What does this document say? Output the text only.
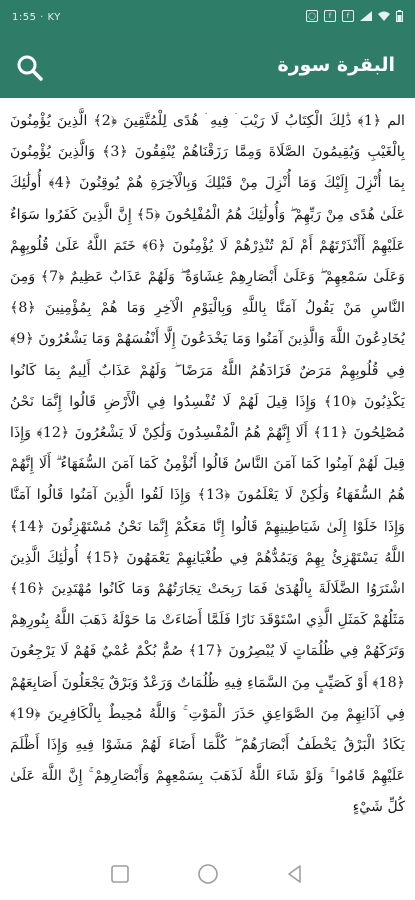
1:55 · KY	◯	f	f
البقرة سورة
الم ﴿1﴾ ذَٰلِكَ الْكِتَابُ لَا رَيْبَ ۛ فِيهِ ۛ هُدًى لِلْمُتَّقِينَ ﴿2﴾ الَّذِينَ يُؤْمِنُونَ بِالْغَيْبِ وَيُقِيمُونَ الصَّلَاةَ وَمِمَّا رَزَقْنَاهُمْ يُنْفِقُونَ ﴿3﴾ وَالَّذِينَ يُؤْمِنُونَ بِمَا أُنْزِلَ إِلَيْكَ وَمَا أُنْزِلَ مِنْ قَبْلِكَ وَبِالْآخِرَةِ هُمْ يُوقِنُونَ ﴿4﴾ أُولَٰئِكَ عَلَىٰ هُدًى مِنْ رَبِّهِمْ ۖ وَأُولَٰئِكَ هُمُ الْمُفْلِحُونَ ﴿5﴾ إِنَّ الَّذِينَ كَفَرُوا سَوَاءٌ عَلَيْهِمْ أَأَنْذَرْتَهُمْ أَمْ لَمْ تُنْذِرْهُمْ لَا يُؤْمِنُونَ ﴿6﴾ خَتَمَ اللَّهُ عَلَىٰ قُلُوبِهِمْ وَعَلَىٰ سَمْعِهِمْ ۖ وَعَلَىٰ أَبْصَارِهِمْ غِشَاوَةٌ ۖ وَلَهُمْ عَذَابٌ عَظِيمٌ ﴿7﴾ وَمِنَ النَّاسِ مَنْ يَقُولُ آمَنَّا بِاللَّهِ وَبِالْيَوْمِ الْآخِرِ وَمَا هُمْ بِمُؤْمِنِينَ ﴿8﴾ يُخَادِعُونَ اللَّهَ وَالَّذِينَ آمَنُوا وَمَا يَخْدَعُونَ إِلَّا أَنْفُسَهُمْ وَمَا يَشْعُرُونَ ﴿9﴾ فِي قُلُوبِهِمْ مَرَضٌ فَزَادَهُمُ اللَّهُ مَرَضًا ۖ وَلَهُمْ عَذَابٌ أَلِيمٌ بِمَا كَانُوا يَكْذِبُونَ ﴿10﴾ وَإِذَا قِيلَ لَهُمْ لَا تُفْسِدُوا فِي الْأَرْضِ قَالُوا إِنَّمَا نَحْنُ مُصْلِحُونَ ﴿11﴾ أَلَا إِنَّهُمْ هُمُ الْمُفْسِدُونَ وَلَٰكِنْ لَا يَشْعُرُونَ ﴿12﴾ وَإِذَا قِيلَ لَهُمْ آمِنُوا كَمَا آمَنَ النَّاسُ قَالُوا أَنُؤْمِنُ كَمَا آمَنَ السُّفَهَاءُ ۗ أَلَا إِنَّهُمْ هُمُ السُّفَهَاءُ وَلَٰكِنْ لَا يَعْلَمُونَ ﴿13﴾ وَإِذَا لَقُوا الَّذِينَ آمَنُوا قَالُوا آمَنَّا وَإِذَا خَلَوْا إِلَىٰ شَيَاطِينِهِمْ قَالُوا إِنَّا مَعَكُمْ إِنَّمَا نَحْنُ مُسْتَهْزِئُونَ ﴿14﴾ اللَّهُ يَسْتَهْزِئُ بِهِمْ وَيَمُدُّهُمْ فِي طُغْيَانِهِمْ يَعْمَهُونَ ﴿15﴾ أُولَٰئِكَ الَّذِينَ اشْتَرَوُا الضَّلَالَةَ بِالْهُدَىٰ فَمَا رَبِحَتْ تِجَارَتُهُمْ وَمَا كَانُوا مُهْتَدِينَ ﴿16﴾ مَثَلُهُمْ كَمَثَلِ الَّذِي اسْتَوْقَدَ نَارًا فَلَمَّا أَضَاءَتْ مَا حَوْلَهُ ذَهَبَ اللَّهُ بِنُورِهِمْ وَتَرَكَهُمْ فِي ظُلُمَاتٍ لَا يُبْصِرُونَ ﴿17﴾ صُمٌّ بُكْمٌ عُمْيٌ فَهُمْ لَا يَرْجِعُونَ ﴿18﴾ أَوْ كَصَيِّبٍ مِنَ السَّمَاءِ فِيهِ ظُلُمَاتٌ وَرَعْدٌ وَبَرْقٌ يَجْعَلُونَ أَصَابِعَهُمْ فِي آذَانِهِمْ مِنَ الصَّوَاعِقِ حَذَرَ الْمَوْتِ ۚ وَاللَّهُ مُحِيطٌ بِالْكَافِرِينَ ﴿19﴾ يَكَادُ الْبَرْقُ يَخْطَفُ أَبْصَارَهُمْ ۖ كُلَّمَا أَضَاءَ لَهُمْ مَشَوْا فِيهِ وَإِذَا أَظْلَمَ عَلَيْهِمْ قَامُوا ۚ وَلَوْ شَاءَ اللَّهُ لَذَهَبَ بِسَمْعِهِمْ وَأَبْصَارِهِمْ ۚ إِنَّ اللَّهَ عَلَىٰ كُلِّ شَيْءٍ
